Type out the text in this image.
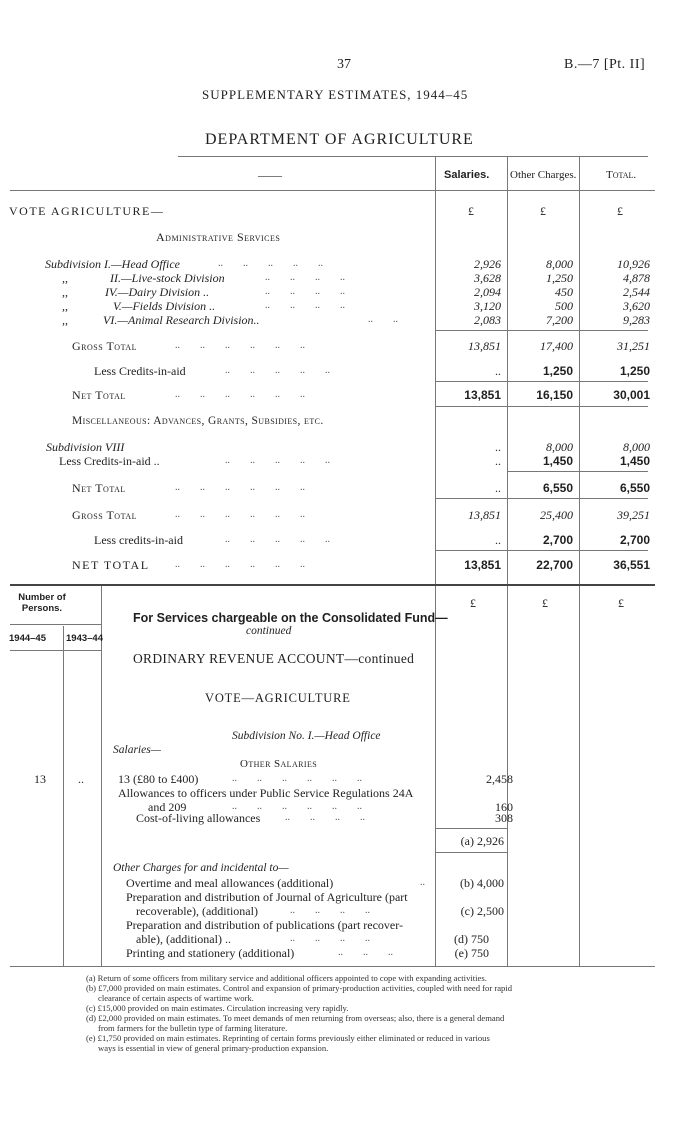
37	B.—7 [Pt. II]
SUPPLEMENTARY ESTIMATES, 1944–45
DEPARTMENT OF AGRICULTURE
——	Salaries. Other Charges.	Total.
VOTE AGRICULTURE—	£	£	£
Administrative Services
Subdivision I.—Head Office	..        ..        ..        ..        ..	2,926	8,000	10,926
,,	II.—Live-stock Division	..        ..        ..        ..	3,628	1,250	4,878
,,	IV.—Dairy Division ..	..        ..        ..        ..	2,094	450	2,544
,,	V.—Fields Division ..	..        ..        ..        ..	3,120	500	3,620
,,	VI.—Animal Research Division..	..        ..	2,083	7,200	9,283
Gross Total	..        ..        ..        ..        ..        ..	13,851	17,400	31,251
Less Credits-in-aid	..        ..        ..        ..        ..	..	1,250	1,250
Net Total	..        ..        ..        ..        ..        ..	13,851	16,150	30,001
Miscellaneous: Advances, Grants, Subsidies, etc.
Subdivision VIII	..	8,000	8,000
Less Credits-in-aid ..	..        ..        ..        ..        ..	..	1,450	1,450
Net Total	..        ..        ..        ..        ..        ..	..	6,550	6,550
Gross Total	..        ..        ..        ..        ..        ..	13,851	25,400	39,251
Less credits-in-aid	..        ..        ..        ..        ..	..	2,700	2,700
NET TOTAL	..        ..        ..        ..        ..        ..	13,851	22,700	36,551
Number of Persons.
1944–45 1943–44
£	£	£
For Services chargeable on the Consolidated Fund—
continued
ORDINARY REVENUE ACCOUNT—continued
VOTE—AGRICULTURE
Subdivision No. I.—Head Office
Salaries—
Other Salaries
13	..	13 (£80 to £400)	..        ..        ..        ..        ..        ..	2,458
Allowances to officers under Public Service Regulations 24A
and 209	..        ..        ..        ..        ..        ..	160
Cost-of-living allowances ..        ..        ..        ..	308
(a) 2,926
Other Charges for and incidental to—
Overtime and meal allowances (additional)	..	(b) 4,000
Preparation and distribution of Journal of Agriculture (part
recoverable), (additional)	..        ..        ..        ..	(c) 2,500
Preparation and distribution of publications (part recover-
able), (additional) ..	..        ..        ..        ..	(d) 750
Printing and stationery (additional)	..        ..        ..	(e) 750
(a) Return of some officers from military service and additional officers appointed to cope with expanding activities.
(b) £7,000 provided on main estimates. Control and expansion of primary-production activities, coupled with need for rapid
clearance of certain aspects of wartime work.
(c) £15,000 provided on main estimates. Circulation increasing very rapidly.
(d) £2,000 provided on main estimates. To meet demands of men returning from overseas; also, there is a general demand
from farmers for the bulletin type of farming literature.
(e) £1,750 provided on main estimates. Reprinting of certain forms previously either eliminated or reduced in various
ways is essential in view of general primary-production expansion.
